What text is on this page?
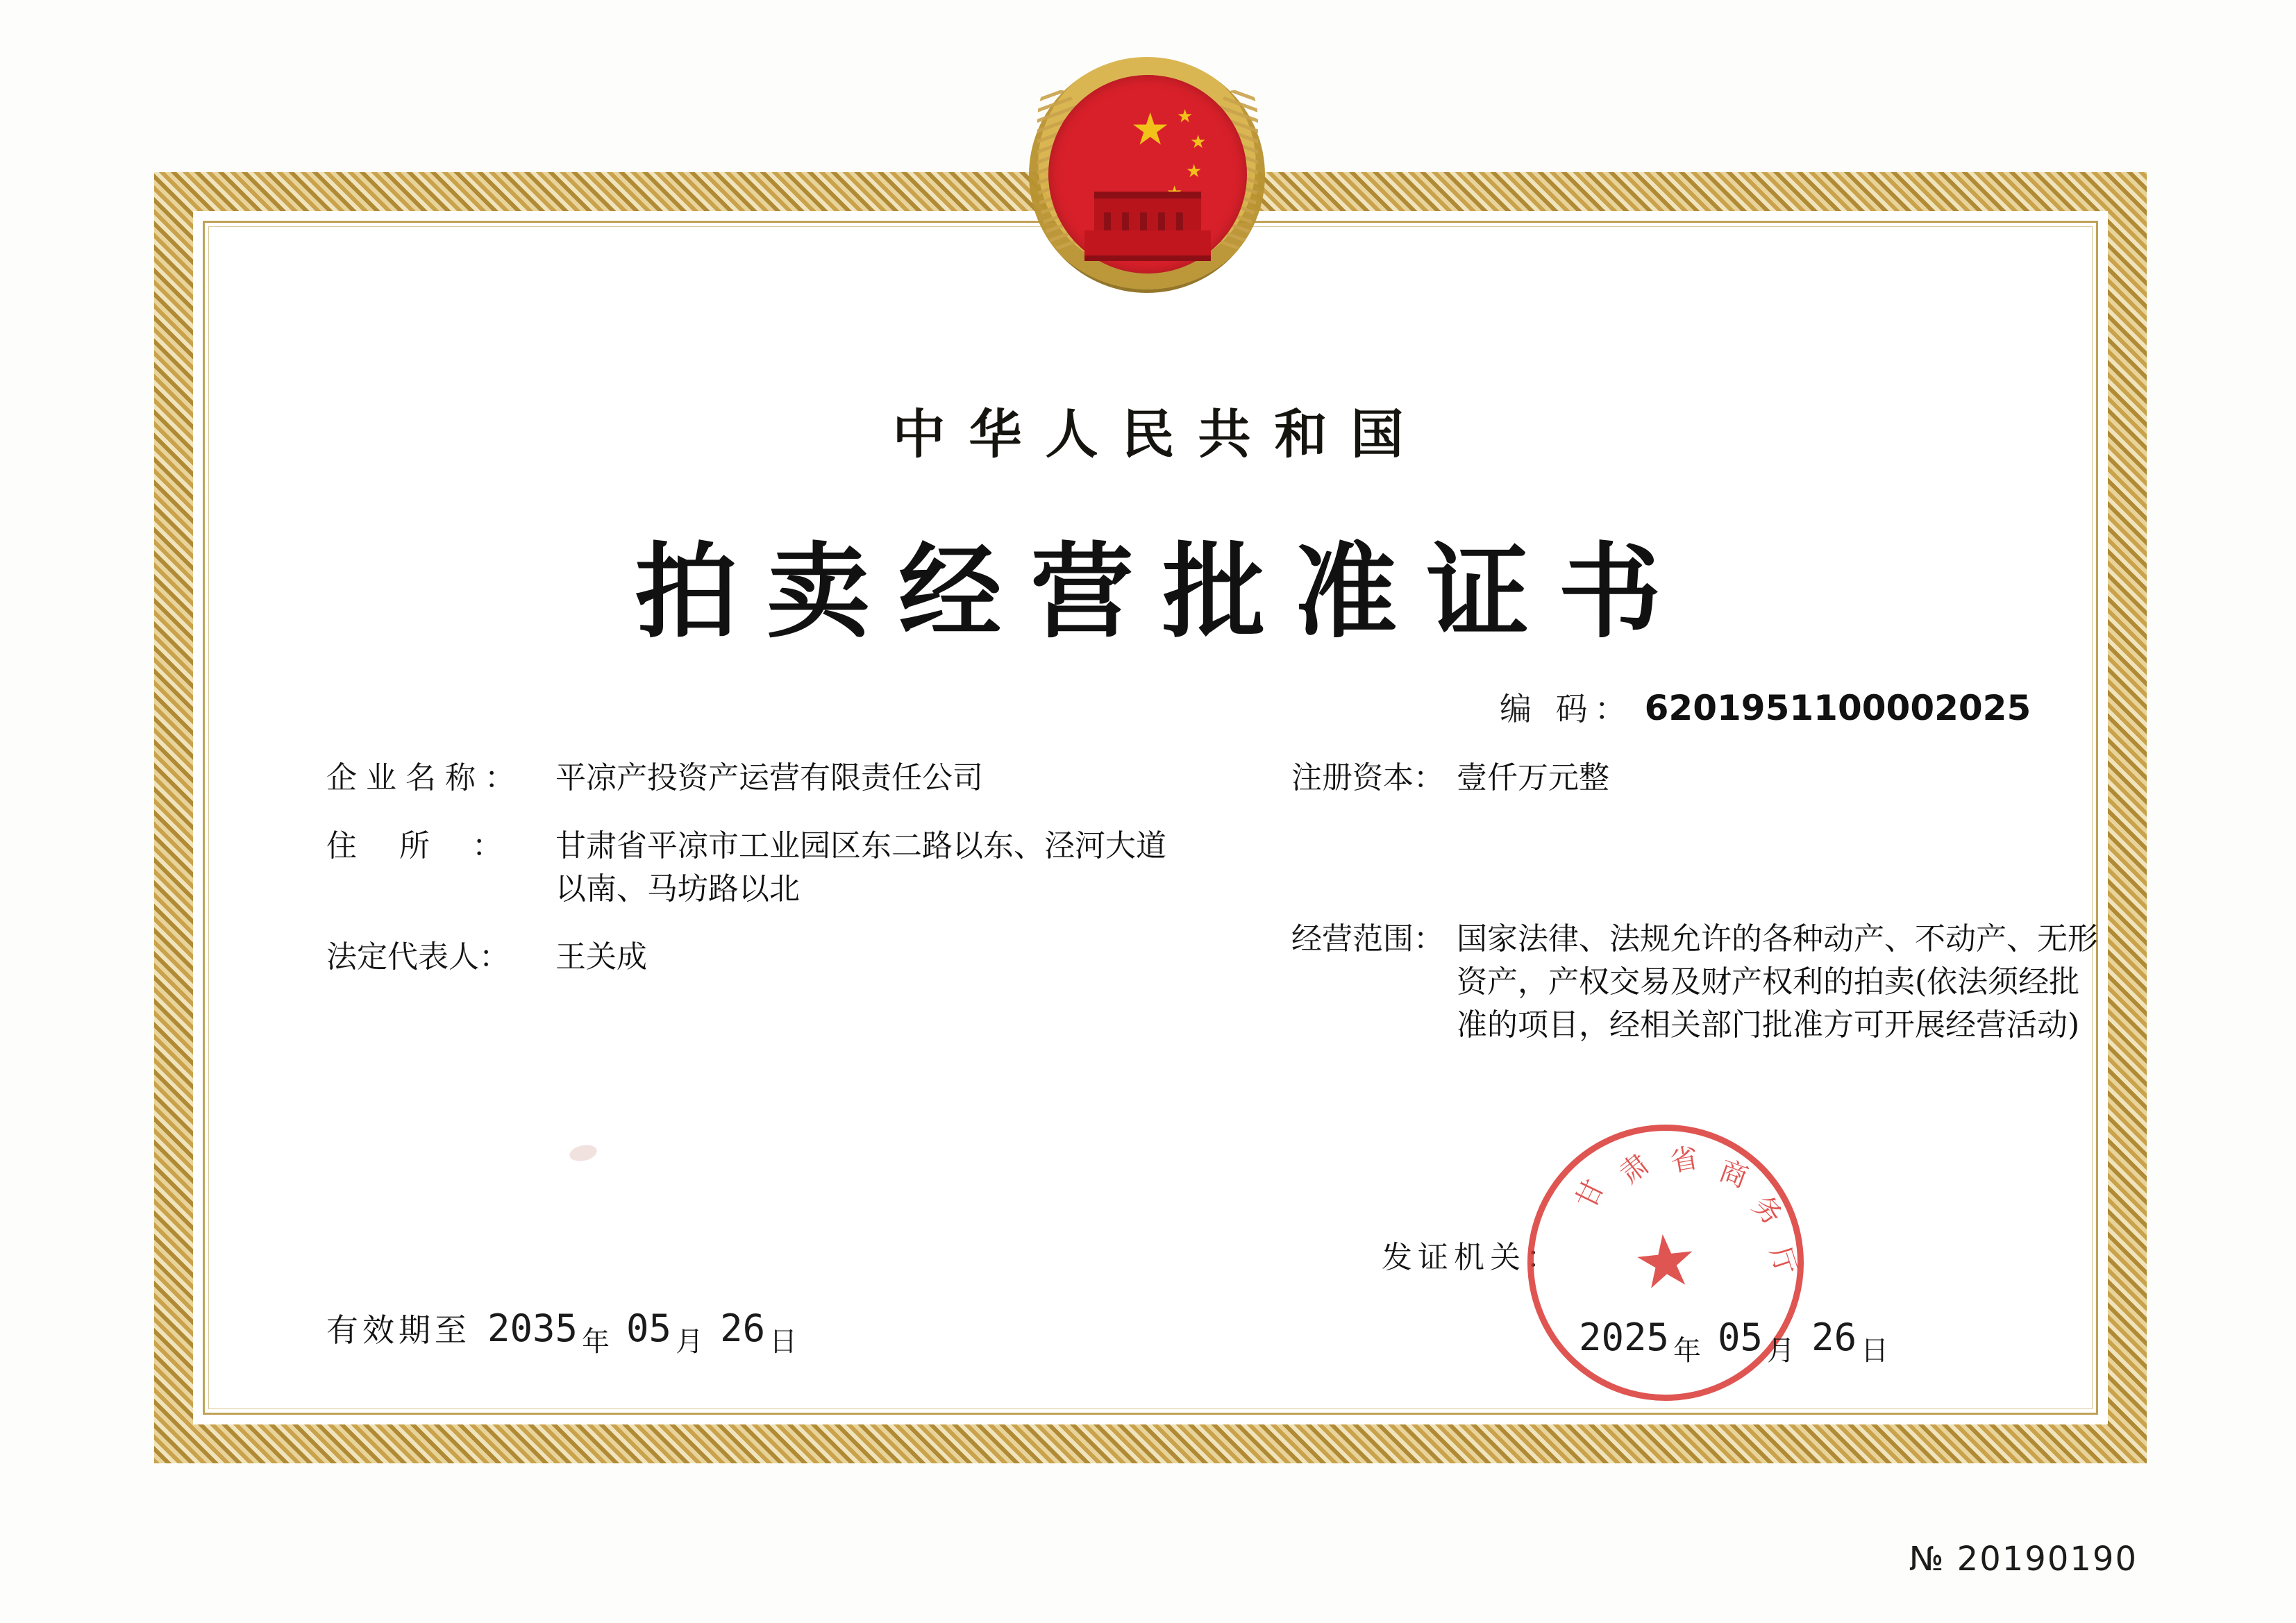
★ ★
★
★
中华人民共和国
拍卖经营批准证书
编 码： 6201951100002025
企业名称：	平凉产投资产运营有限责任公司
住所：	甘肃省平凉市工业园区东二路以东、泾河大道以南、马坊路以北
法定代表人：	王关成
注册资本： 壹仟万元整
经营范围： 国家法律、法规允许的各种动产、不动产、无形资产，产权交易及财产权利的拍卖(依法须经批准的项目，经相关部门批准方可开展经营活动)
发证机关： ★
甘
肃 省 商
务
厅
有效期至 2035 年 05 月 26 日	2025 年 05 月 26 日
№ 20190190
